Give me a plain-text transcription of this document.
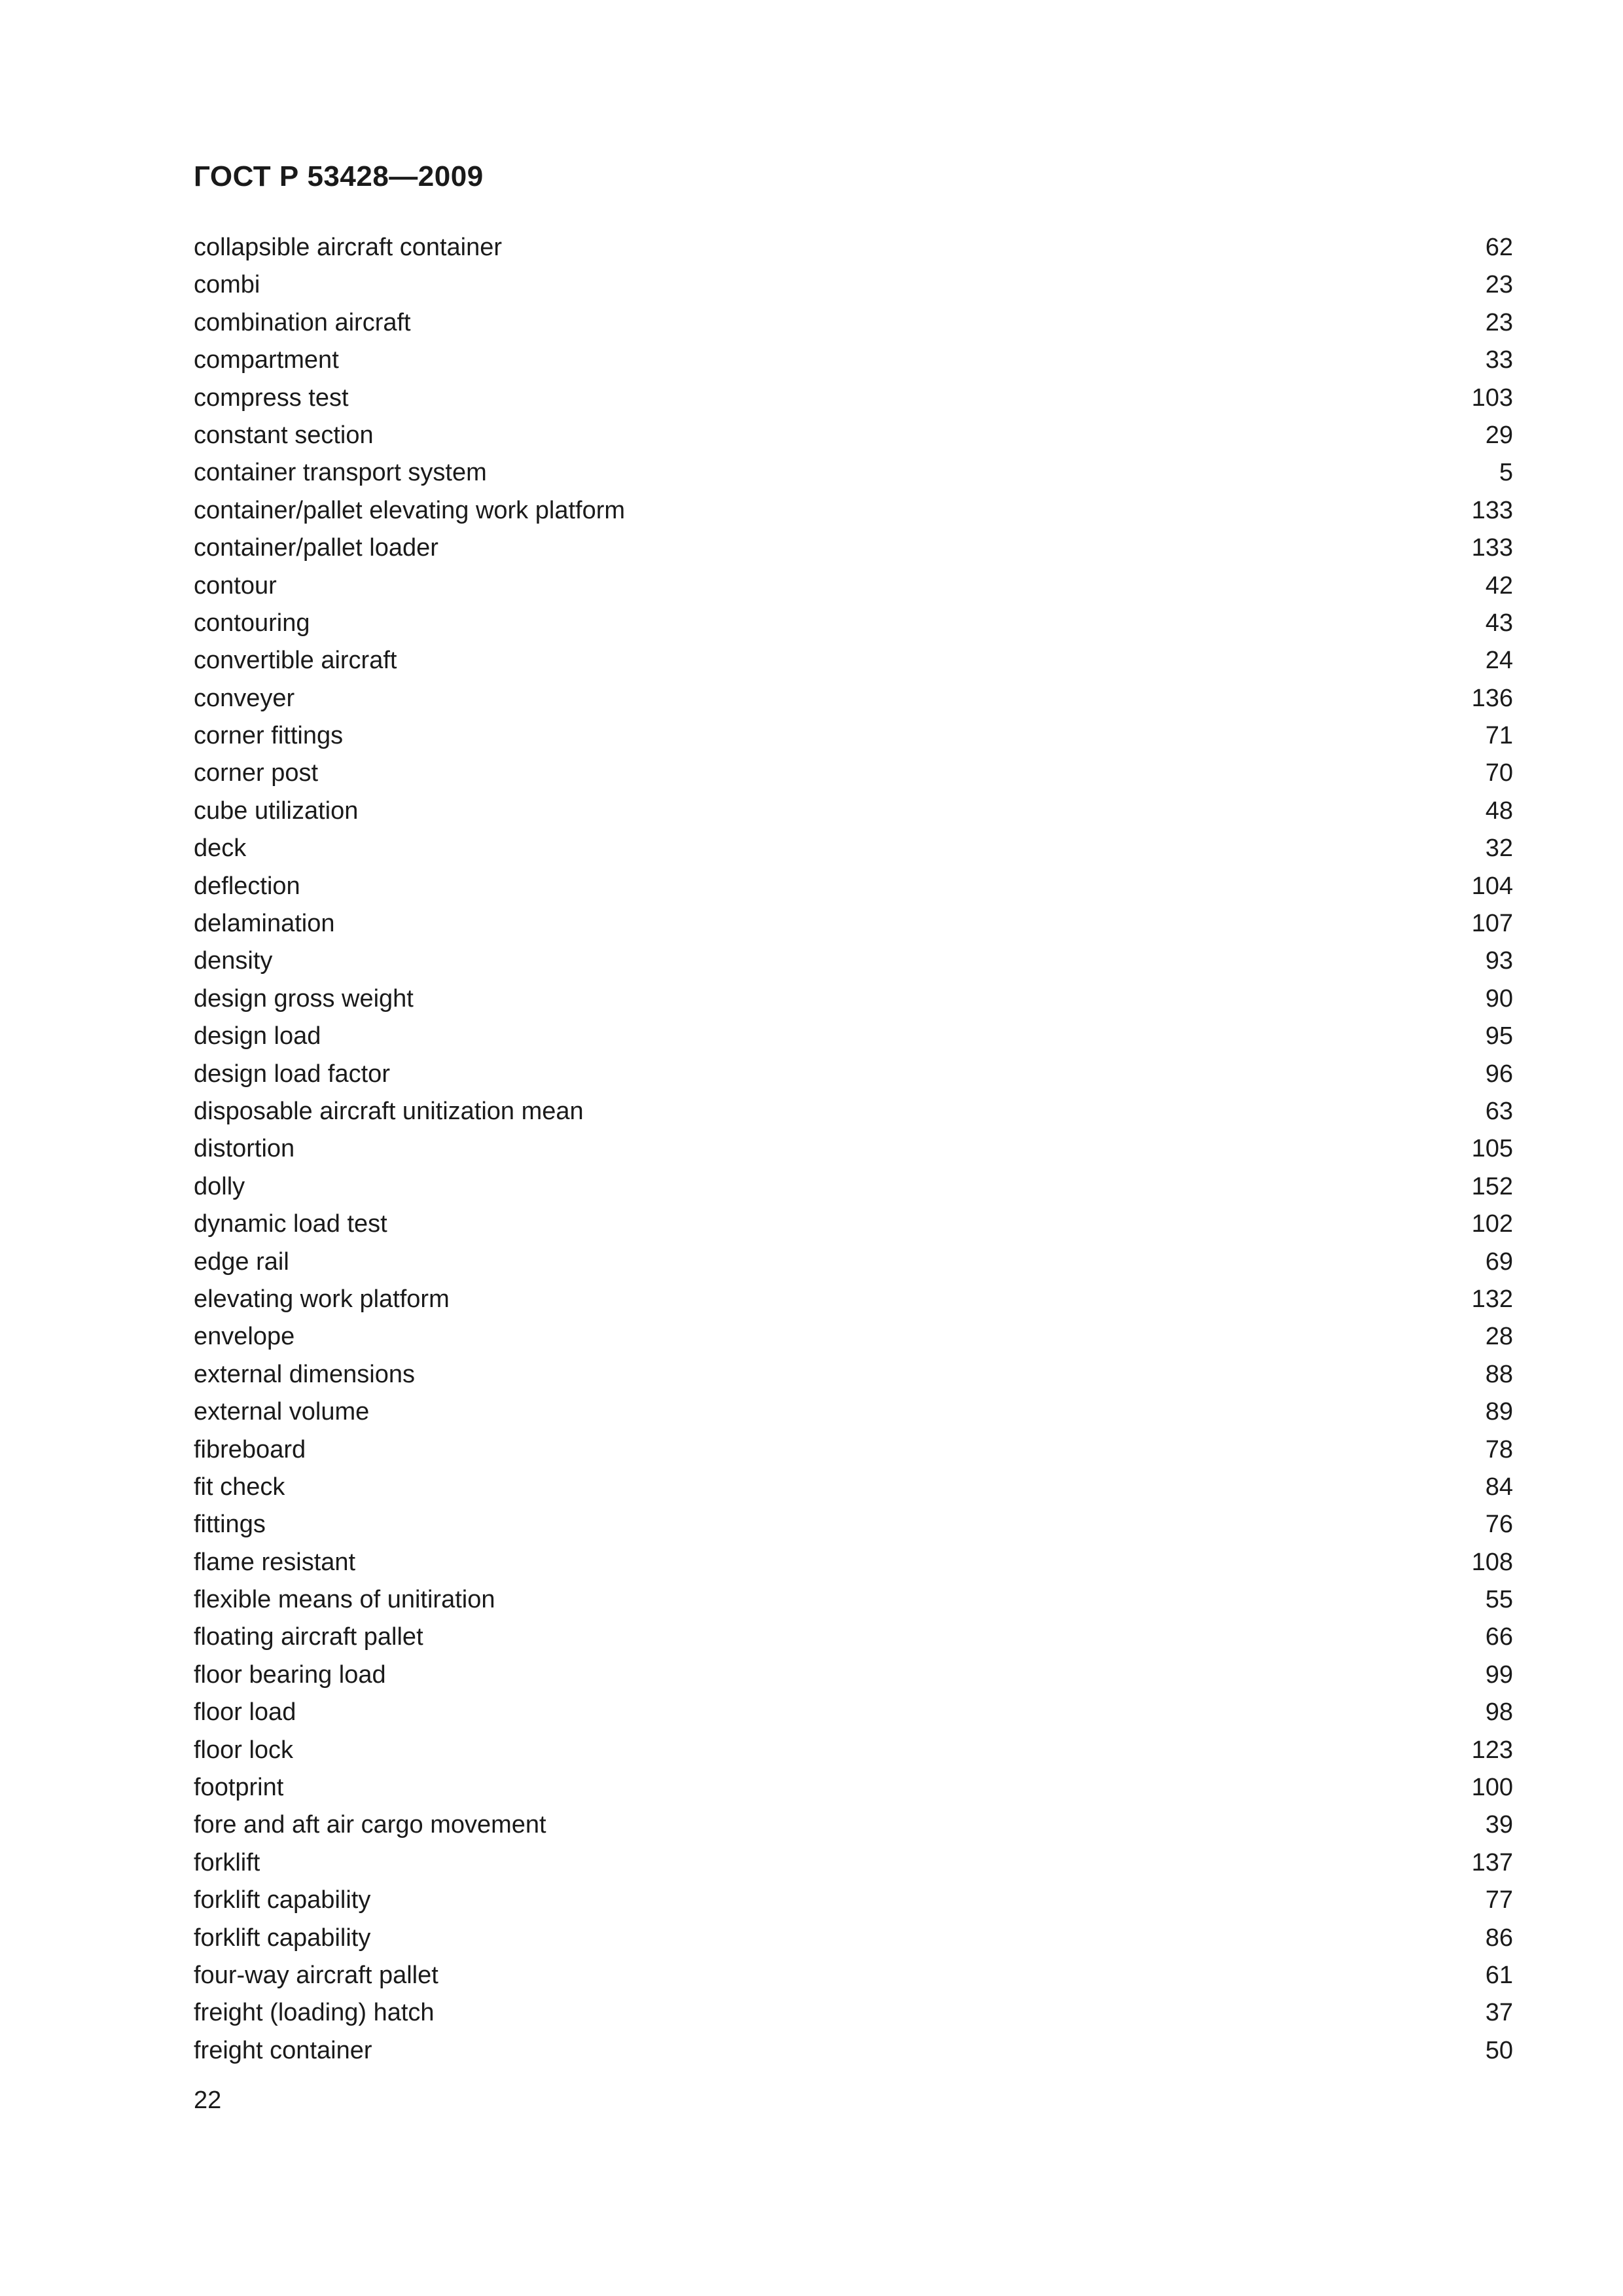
ГОСТ Р 53428—2009
collapsible aircraft container	62
combi	23
combination aircraft	23
compartment	33
compress test	103
constant section	29
container transport system	5
container/pallet elevating work platform	133
container/pallet loader	133
contour	42
contouring	43
convertible aircraft	24
conveyer	136
corner fittings	71
corner post	70
cube utilization	48
deck	32
deflection	104
delamination	107
density	93
design gross weight	90
design load	95
design load factor	96
disposable aircraft unitization mean	63
distortion	105
dolly	152
dynamic load test	102
edge rail	69
elevating work platform	132
envelope	28
external dimensions	88
external volume	89
fibreboard	78
fit check	84
fittings	76
flame resistant	108
flexible means of unitiration	55
floating aircraft pallet	66
floor bearing load	99
floor load	98
floor lock	123
footprint	100
fore and aft air cargo movement	39
forklift	137
forklift capability	77
forklift capability	86
four-way aircraft pallet	61
freight (loading) hatch	37
freight container	50
22
